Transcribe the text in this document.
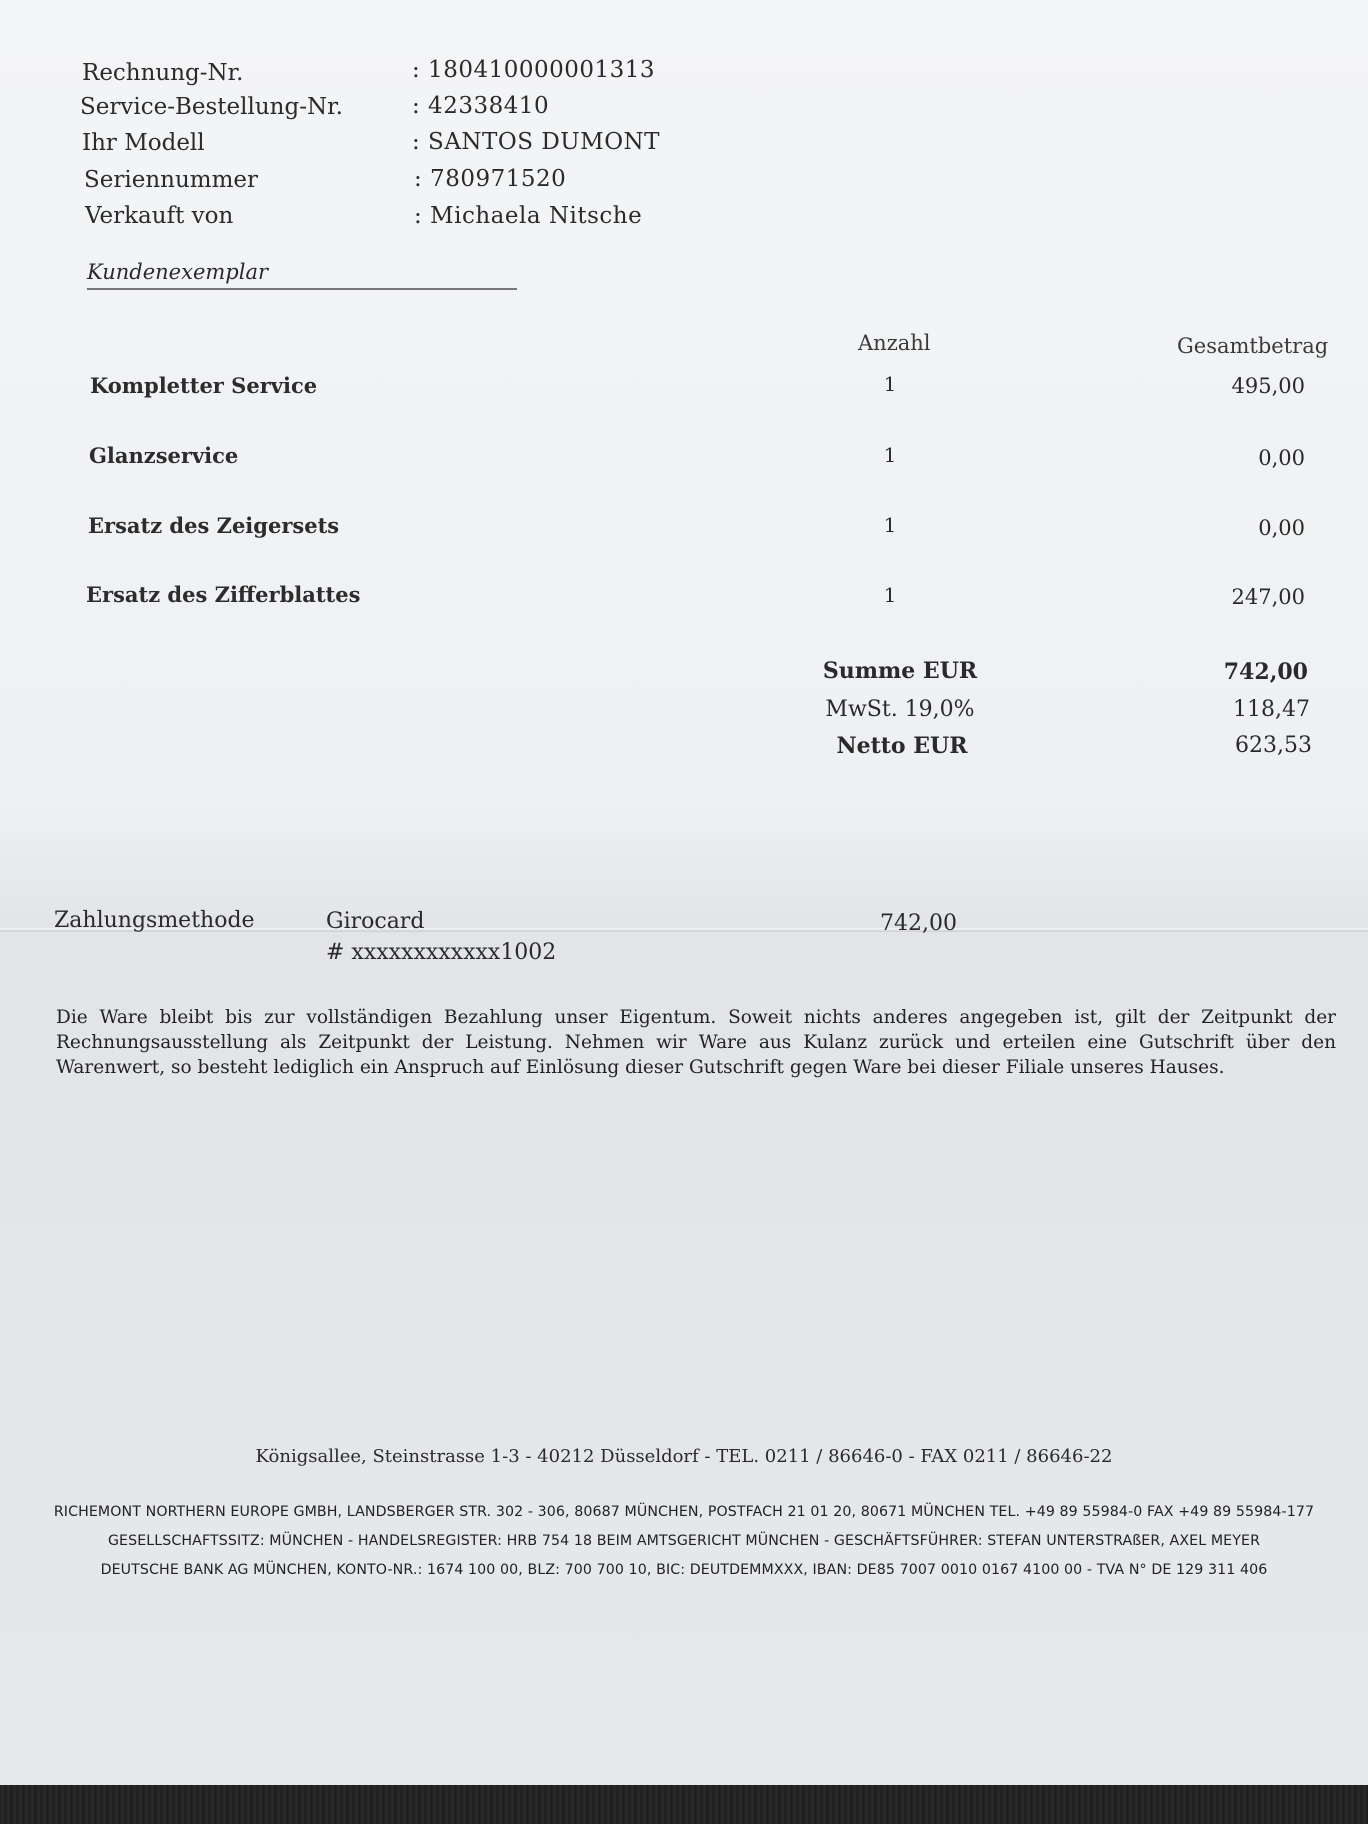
Rechnung-Nr.	: 180410000001313
Service-Bestellung-Nr.	: 42338410
Ihr Modell	: SANTOS DUMONT
Seriennummer	: 780971520
Verkauft von	: Michaela Nitsche
Kundenexemplar
Anzahl	Gesamtbetrag
Kompletter Service	1	495,00
Glanzservice	1	0,00
Ersatz des Zeigersets	1	0,00
Ersatz des Zifferblattes	1	247,00
Summe EUR	742,00
MwSt. 19,0%	118,47
Netto EUR	623,53
Zahlungsmethode	Girocard	742,00
# xxxxxxxxxxxx1002
Die Ware bleibt bis zur vollständigen Bezahlung unser Eigentum. Soweit nichts anderes angegeben ist, gilt der Zeitpunkt der Rechnungsausstellung als Zeitpunkt der Leistung. Nehmen wir Ware aus Kulanz zurück und erteilen eine Gutschrift über den Warenwert, so besteht lediglich ein Anspruch auf Einlösung dieser Gutschrift gegen Ware bei dieser Filiale unseres Hauses.
Königsallee, Steinstrasse 1-3 - 40212 Düsseldorf - TEL. 0211 / 86646-0 - FAX 0211 / 86646-22
RICHEMONT NORTHERN EUROPE GMBH, LANDSBERGER STR. 302 - 306, 80687 MÜNCHEN, POSTFACH 21 01 20, 80671 MÜNCHEN TEL. +49 89 55984-0 FAX +49 89 55984-177
GESELLSCHAFTSSITZ: MÜNCHEN - HANDELSREGISTER: HRB 754 18 BEIM AMTSGERICHT MÜNCHEN - GESCHÄFTSFÜHRER: STEFAN UNTERSTRAßER, AXEL MEYER
DEUTSCHE BANK AG MÜNCHEN, KONTO-NR.: 1674 100 00, BLZ: 700 700 10, BIC: DEUTDEMMXXX, IBAN: DE85 7007 0010 0167 4100 00 - TVA N° DE 129 311 406
